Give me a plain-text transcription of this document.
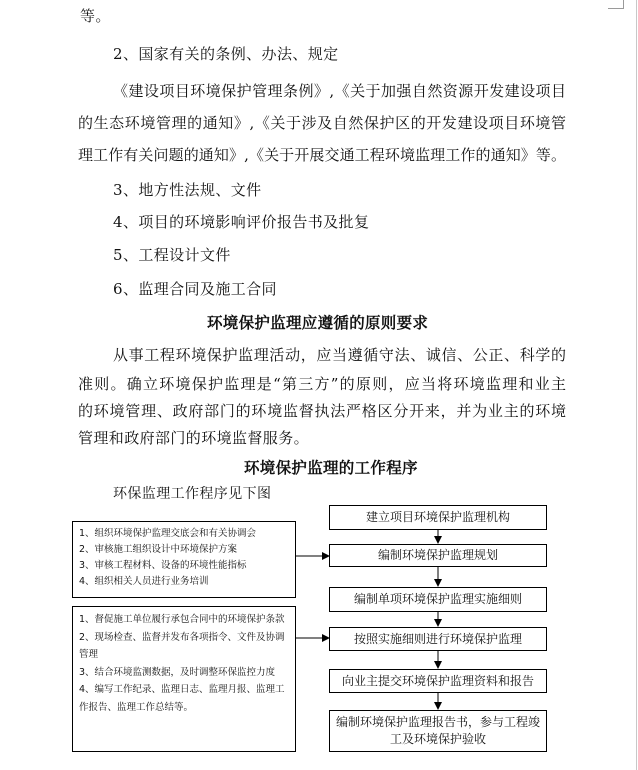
等。
2、国家有关的条例、办法、规定
《建设项目环境保护管理条例》,《关于加强自然资源开发建设项目
的生态环境管理的通知》,《关于涉及自然保护区的开发建设项目环境管
理工作有关问题的通知》,《关于开展交通工程环境监理工作的通知》等。
3、地方性法规、文件
4、项目的环境影响评价报告书及批复
5、工程设计文件
6、监理合同及施工合同
环境保护监理应遵循的原则要求
从事工程环境保护监理活动，应当遵循守法、诚信、公正、科学的
准则。确立环境保护监理是“第三方”的原则，应当将环境监理和业主
的环境管理、政府部门的环境监督执法严格区分开来，并为业主的环境
管理和政府部门的环境监督服务。
环境保护监理的工作程序
环保监理工作程序见下图
建立项目环境保护监理机构
编制环境保护监理规划
编制单项环境保护监理实施细则
按照实施细则进行环境保护监理
向业主提交环境保护监理资料和报告
编制环境保护监理报告书，参与工程竣工及环境保护验收
1、组织环境保护监理交底会和有关协调会
2、审核施工组织设计中环境保护方案
3、审核工程材料、设备的环境性能指标
4、组织相关人员进行业务培训
1、督促施工单位履行承包合同中的环境保护条款
2、现场检查、监督并发布各项指令、文件及协调管理
3、结合环境监测数据，及时调整环保监控力度
4、编写工作纪录、监理日志、监理月报、监理工作报告、监理工作总结等。
